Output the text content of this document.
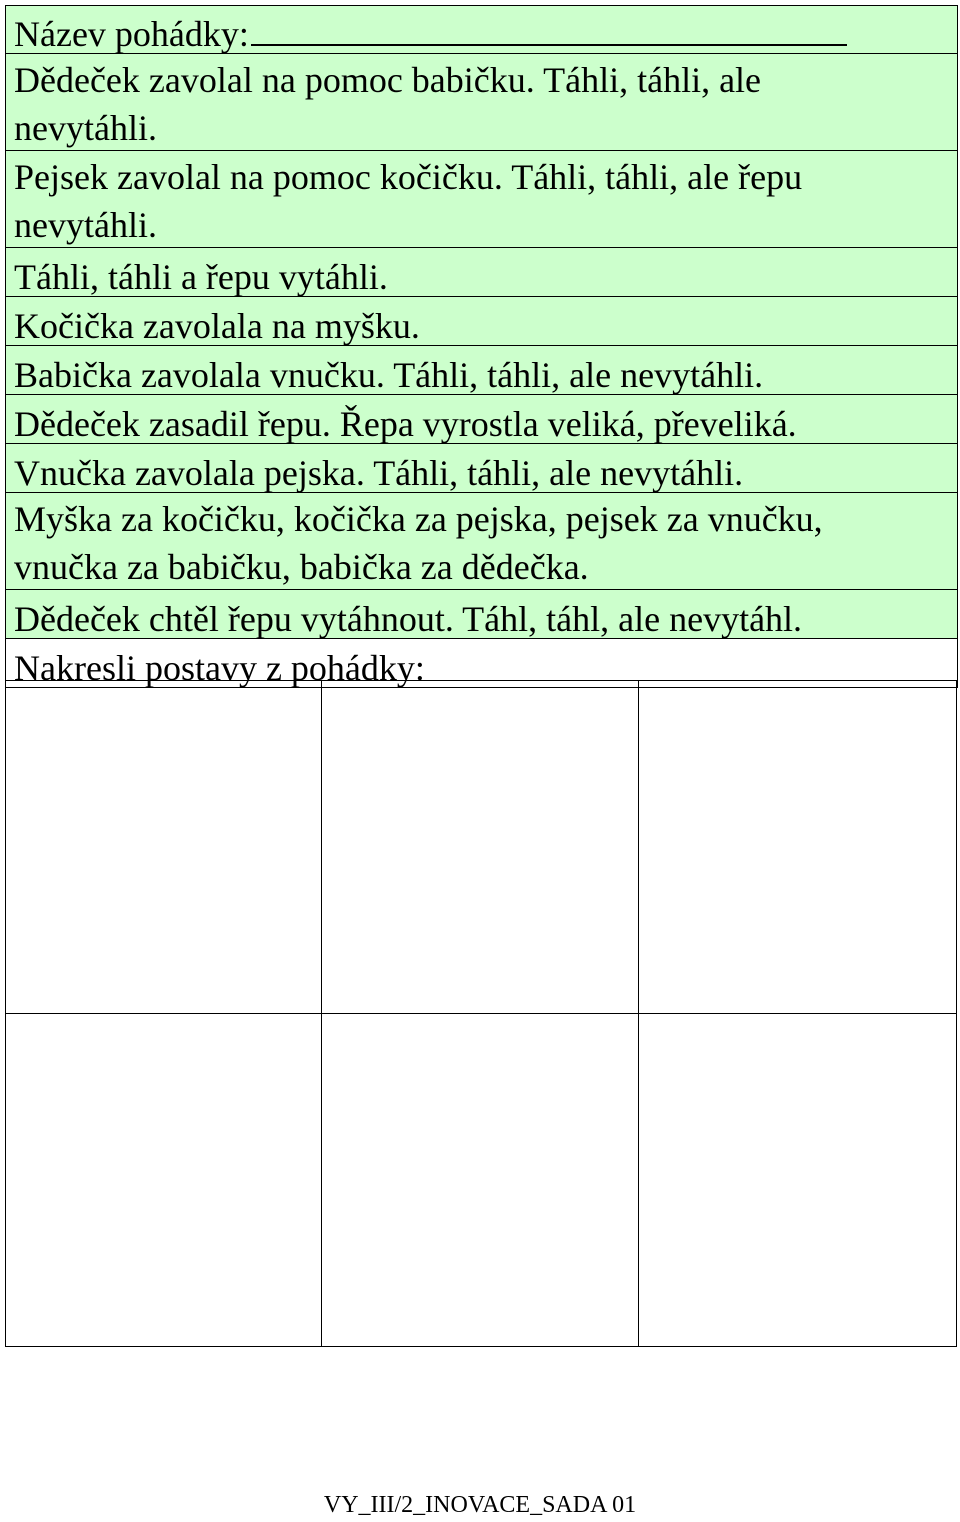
Název pohádky:
Dědeček zavolal na pomoc babičku. Táhli, táhli, ale
nevytáhli.
Pejsek zavolal na pomoc kočičku. Táhli, táhli, ale řepu
nevytáhli.
Táhli, táhli a řepu vytáhli.
Kočička zavolala na myšku.
Babička zavolala vnučku. Táhli, táhli, ale nevytáhli.
Dědeček zasadil řepu. Řepa vyrostla veliká, převeliká.
Vnučka zavolala pejska. Táhli, táhli, ale nevytáhli.
Myška za kočičku, kočička za pejska, pejsek za vnučku,
vnučka za babičku, babička za dědečka.
Dědeček chtěl řepu vytáhnout. Táhl, táhl, ale nevytáhl.
Nakresli postavy z pohádky:
VY_III/2_INOVACE_SADA 01
